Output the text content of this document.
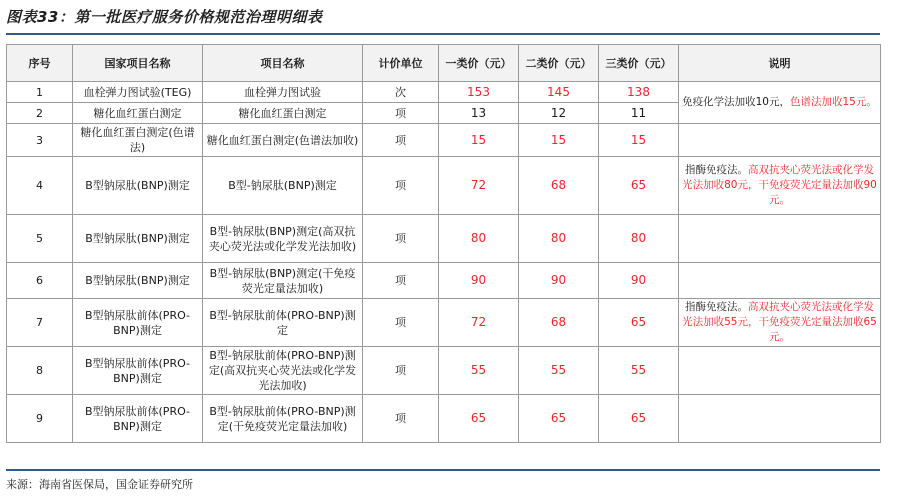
图表33：第一批医疗服务价格规范治理明细表
序号	国家项目名称	项目名称	计价单位	一类价（元）	二类价（元）	三类价（元）	说明
1	血栓弹力图试验(TEG)	血栓弹力图试验	次	153	145	138	免疫化学法加收10元，色谱法加收15元。
2	糖化血红蛋白测定	糖化血红蛋白测定	项	13	12	11	
3	糖化血红蛋白测定(色谱法)	糖化血红蛋白测定(色谱法加收)	项	15	15	15	
4	B型钠尿肽(BNP)测定	B型-钠尿肽(BNP)测定	项	72	68	65	指酶免疫法。高双抗夹心荧光法或化学发光法加收80元，干免疫荧光定量法加收90元。
5	B型钠尿肽(BNP)测定	B型-钠尿肽(BNP)测定(高双抗夹心荧光法或化学发光法加收)	项	80	80	80	
6	B型钠尿肽(BNP)测定	B型-钠尿肽(BNP)测定(干免疫荧光定量法加收)	项	90	90	90	
7	B型钠尿肽前体(PRO-BNP)测定	B型-钠尿肽前体(PRO-BNP)测定	项	72	68	65	指酶免疫法。高双抗夹心荧光法或化学发光法加收55元，干免疫荧光定量法加收65元。
8	B型钠尿肽前体(PRO-BNP)测定	B型-钠尿肽前体(PRO-BNP)测定(高双抗夹心荧光法或化学发光法加收)	项	55	55	55	
9	B型钠尿肽前体(PRO-BNP)测定	B型-钠尿肽前体(PRO-BNP)测定(干免疫荧光定量法加收)	项	65	65	65	
来源：海南省医保局，国金证券研究所
